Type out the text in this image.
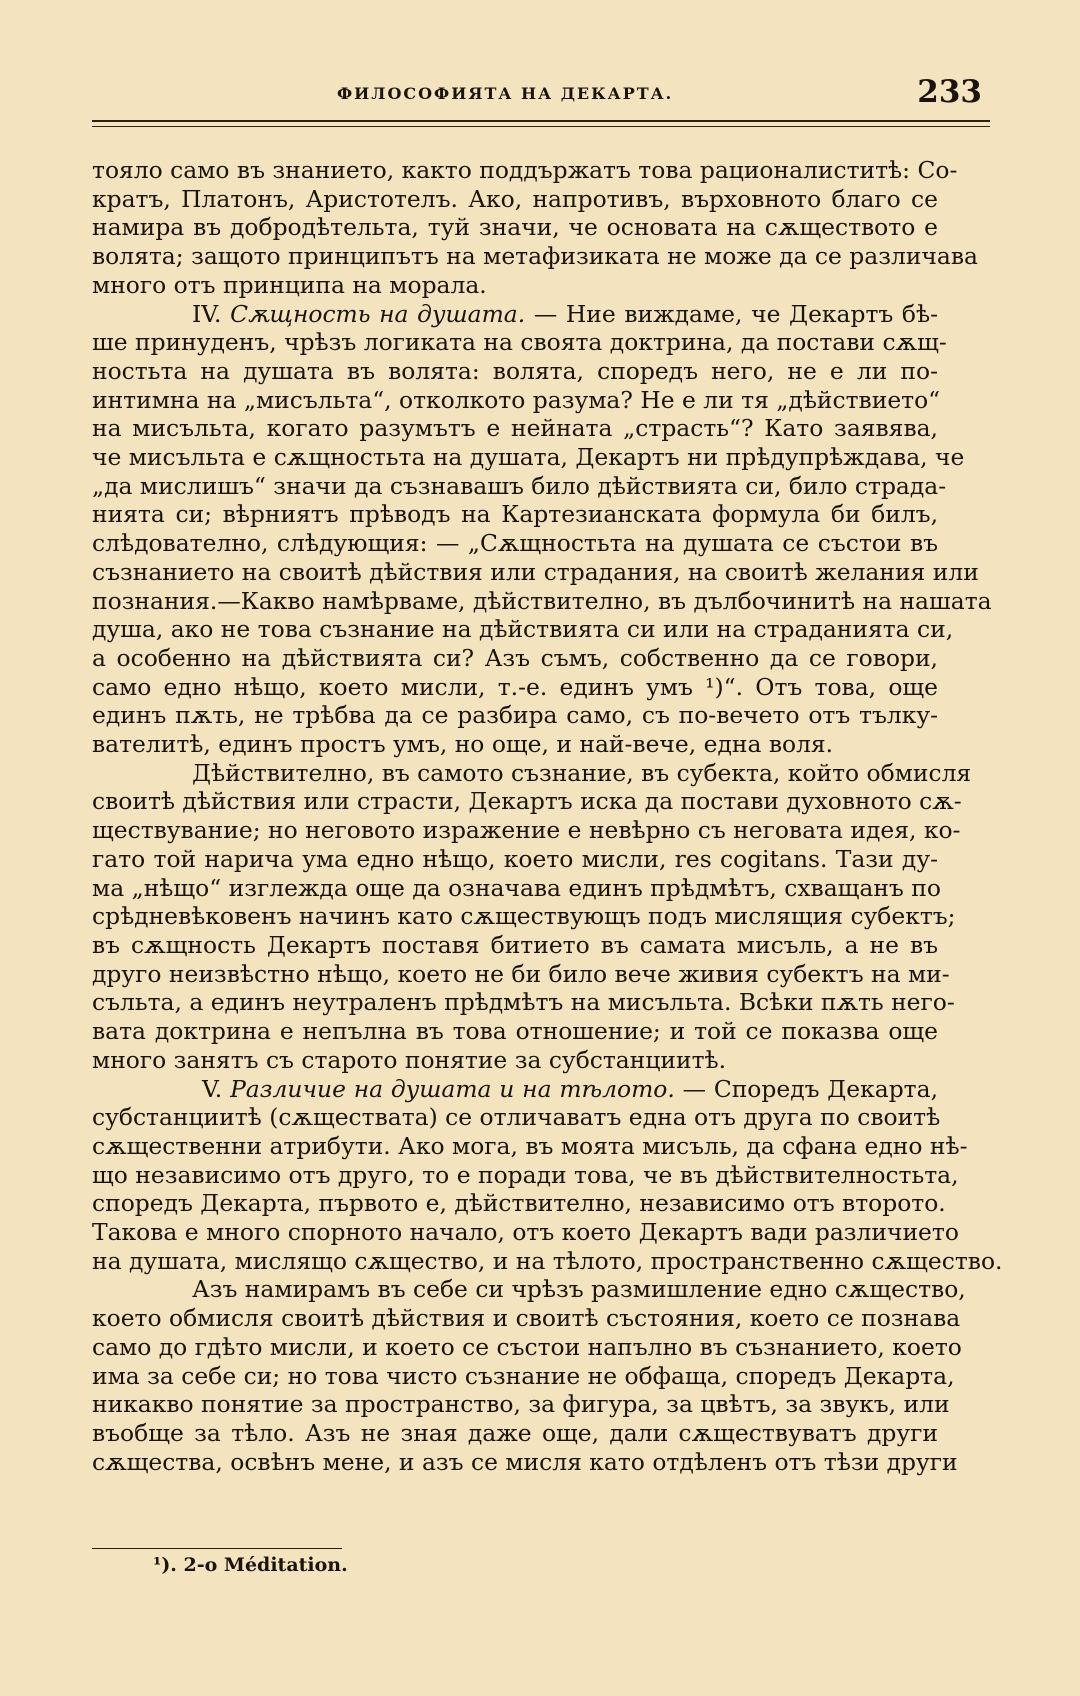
ФИЛОСОФИЯТА НА ДЕКАРТА.	233
тояло само въ знанието, както поддържатъ това рационалиститѣ: Со-
кратъ, Платонъ, Аристотелъ. Ако, напротивъ, върховното благо се
намира въ добродѣтельта, туй значи, че основата на сѫществото е
волята; защото принципътъ на метафизиката не може да се различава
много отъ принципа на морала.
IV. Сѫщность на душата. — Ние виждаме, че Декартъ бѣ-
ше принуденъ, чрѣзъ логиката на своята доктрина, да постави сѫщ-
ностьта на душата въ волята: волята, споредъ него, не е ли по-
интимна на „мисъльта“, отколкото разума? Не е ли тя „дѣйствието“
на мисъльта, когато разумътъ е нейната „страсть“? Като заявява,
че мисъльта е сѫщностьта на душата, Декартъ ни прѣдупрѣждава, че
„да мислишъ“ значи да съзнавашъ било дѣйствията си, било страда-
нията си; вѣрниятъ прѣводъ на Картезианската формула би билъ,
слѣдователно, слѣдующия: — „Сѫщностьта на душата се състои въ
съзнанието на своитѣ дѣйствия или страдания, на своитѣ желания или
познания.—Какво намѣрваме, дѣйствително, въ дълбочинитѣ на нашата
душа, ако не това съзнание на дѣйствията си или на страданията си,
а особенно на дѣйствията си? Азъ съмъ, собственно да се говори,
само едно нѣщо, което мисли, т.-е. единъ умъ ¹)“. Отъ това, още
единъ пѫть, не трѣбва да се разбира само, съ по-вечето отъ тълку-
вателитѣ, единъ простъ умъ, но още, и най-вече, една воля.
Дѣйствително, въ самото съзнание, въ субекта, който обмисля
своитѣ дѣйствия или страсти, Декартъ иска да постави духовното сѫ-
ществувание; но неговото изражение е невѣрно съ неговата идея, ко-
гато той нарича ума едно нѣщо, което мисли, res cogitans. Тази ду-
ма „нѣщо“ изглежда още да означава единъ прѣдмѣтъ, схващанъ по
срѣдневѣковенъ начинъ като сѫществующъ подъ мислящия субектъ;
въ сѫщность Декартъ поставя битието въ самата мисъль, а не въ
друго неизвѣстно нѣщо, което не би било вече живия субектъ на ми-
съльта, а единъ неутраленъ прѣдмѣтъ на мисъльта. Всѣки пѫть него-
вата доктрина е непълна въ това отношение; и той се показва още
много занятъ съ старото понятие за субстанциитѣ.
V. Различие на душата и на тѣлото. — Споредъ Декарта,
субстанциитѣ (сѫществата) се отличаватъ една отъ друга по своитѣ
сѫщественни атрибути. Ако мога, въ моята мисъль, да сфана едно нѣ-
що независимо отъ друго, то е поради това, че въ дѣйствителностьта,
споредъ Декарта, първото е, дѣйствително, независимо отъ второто.
Такова е много спорното начало, отъ което Декартъ вади различието
на душата, мислящо сѫщество, и на тѣлото, пространственно сѫщество.
Азъ намирамъ въ себе си чрѣзъ размишление едно сѫщество,
което обмисля своитѣ дѣйствия и своитѣ състояния, което се познава
само до гдѣто мисли, и което се състои напълно въ съзнанието, което
има за себе си; но това чисто съзнание не обфаща, споредъ Декарта,
никакво понятие за пространство, за фигура, за цвѣтъ, за звукъ, или
въобще за тѣло. Азъ не зная даже още, дали сѫществуватъ други
сѫщества, освѣнъ мене, и азъ се мисля като отдѣленъ отъ тѣзи други
¹). 2-о Méditation.
